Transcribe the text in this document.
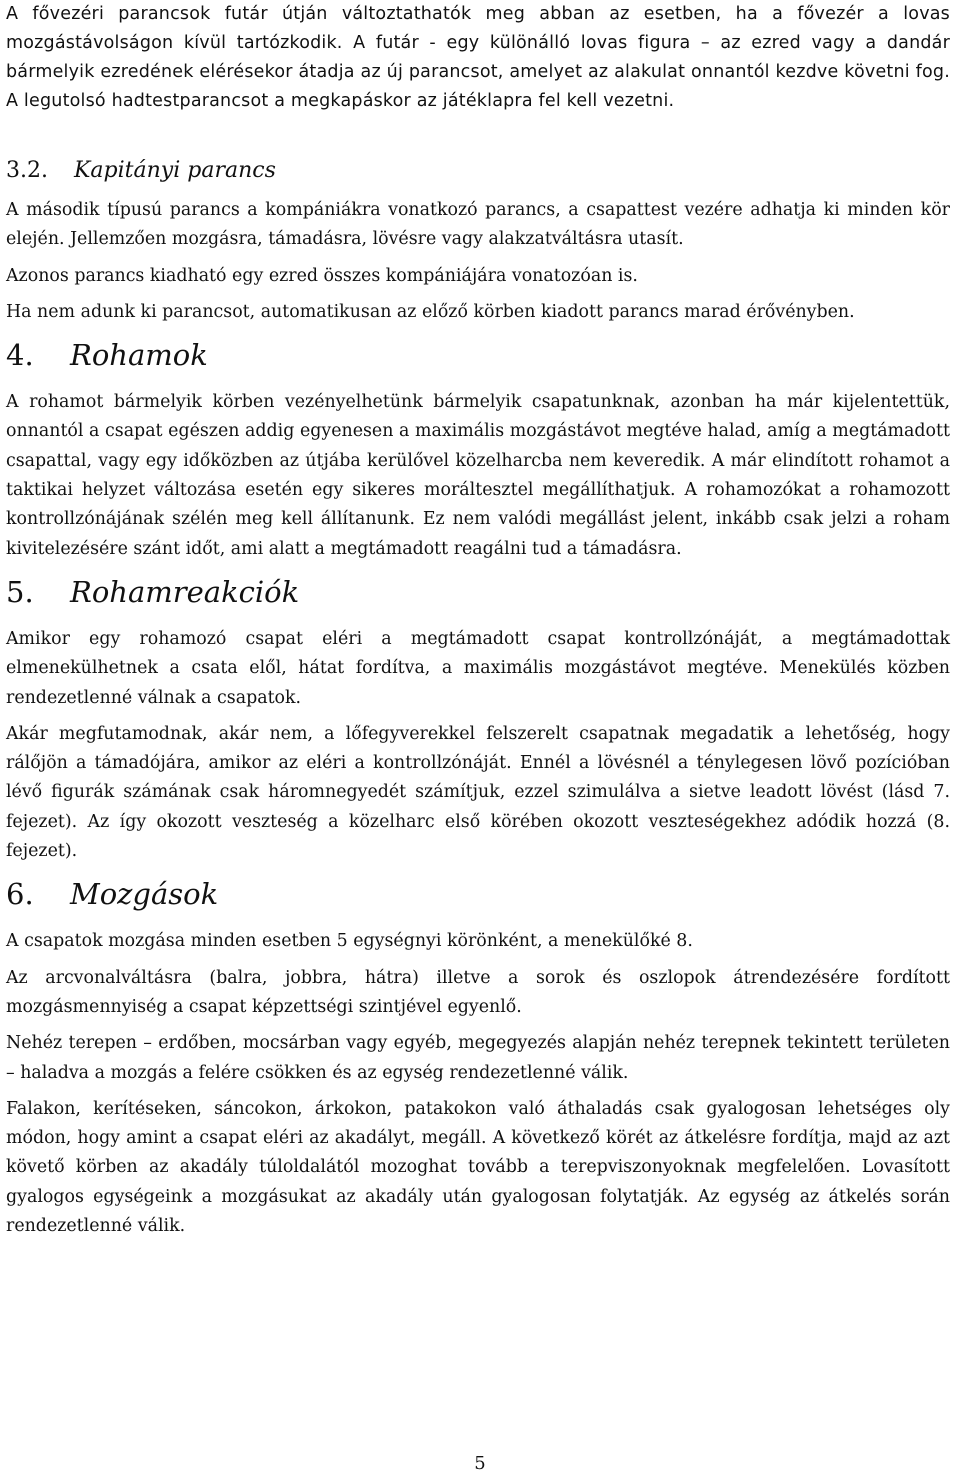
A fővezéri parancsok futár útján változtathatók meg abban az esetben, ha a fővezér a lovas mozgástávolságon kívül tartózkodik. A futár - egy különálló lovas figura – az ezred vagy a dandár bármelyik ezredének elérésekor átadja az új parancsot, amelyet az alakulat onnantól kezdve követni fog. A legutolsó hadtestparancsot a megkapáskor az játéklapra fel kell vezetni.

3.2. Kapitányi parancs

A második típusú parancs a kompániákra vonatkozó parancs, a csapattest vezére adhatja ki minden kör elején. Jellemzően mozgásra, támadásra, lövésre vagy alakzatváltásra utasít.

Azonos parancs kiadható egy ezred összes kompániájára vonatozóan is.

Ha nem adunk ki parancsot, automatikusan az előző körben kiadott parancs marad érővényben.

4. Rohamok

A rohamot bármelyik körben vezényelhetünk bármelyik csapatunknak, azonban ha már kijelentettük, onnantól a csapat egészen addig egyenesen a maximális mozgástávot megtéve halad, amíg a megtámadott csapattal, vagy egy időközben az útjába kerülővel közelharcba nem keveredik. A már elindított rohamot a taktikai helyzet változása esetén egy sikeres moráltesztel megállíthatjuk. A rohamozókat a rohamozott kontrollzónájának szélén meg kell állítanunk. Ez nem valódi megállást jelent, inkább csak jelzi a roham kivitelezésére szánt időt, ami alatt a megtámadott reagálni tud a támadásra.

5. Rohamreakciók

Amikor egy rohamozó csapat eléri a megtámadott csapat kontrollzónáját, a megtámadottak elmenekülhetnek a csata elől, hátat fordítva, a maximális mozgástávot megtéve. Menekülés közben rendezetlenné válnak a csapatok.

Akár megfutamodnak, akár nem, a lőfegyverekkel felszerelt csapatnak megadatik a lehetőség, hogy rálőjön a támadójára, amikor az eléri a kontrollzónáját. Ennél a lövésnél a ténylegesen lövő pozícióban lévő figurák számának csak háromnegyedét számítjuk, ezzel szimulálva a sietve leadott lövést (lásd 7. fejezet). Az így okozott veszteség a közelharc első körében okozott veszteségekhez adódik hozzá (8. fejezet).

6. Mozgások

A csapatok mozgása minden esetben 5 egységnyi körönként, a menekülőké 8.

Az arcvonalváltásra (balra, jobbra, hátra) illetve a sorok és oszlopok átrendezésére fordított mozgásmennyiség a csapat képzettségi szintjével egyenlő.

Nehéz terepen – erdőben, mocsárban vagy egyéb, megegyezés alapján nehéz terepnek tekintett területen – haladva a mozgás a felére csökken és az egység rendezetlenné válik.

Falakon, kerítéseken, sáncokon, árkokon, patakokon való áthaladás csak gyalogosan lehetséges oly módon, hogy amint a csapat eléri az akadályt, megáll. A következő körét az átkelésre fordítja, majd az azt követő körben az akadály túloldalától mozoghat tovább a terepviszonyoknak megfelelően. Lovasított gyalogos egységeink a mozgásukat az akadály után gyalogosan folytatják. Az egység az átkelés során rendezetlenné válik.

5
